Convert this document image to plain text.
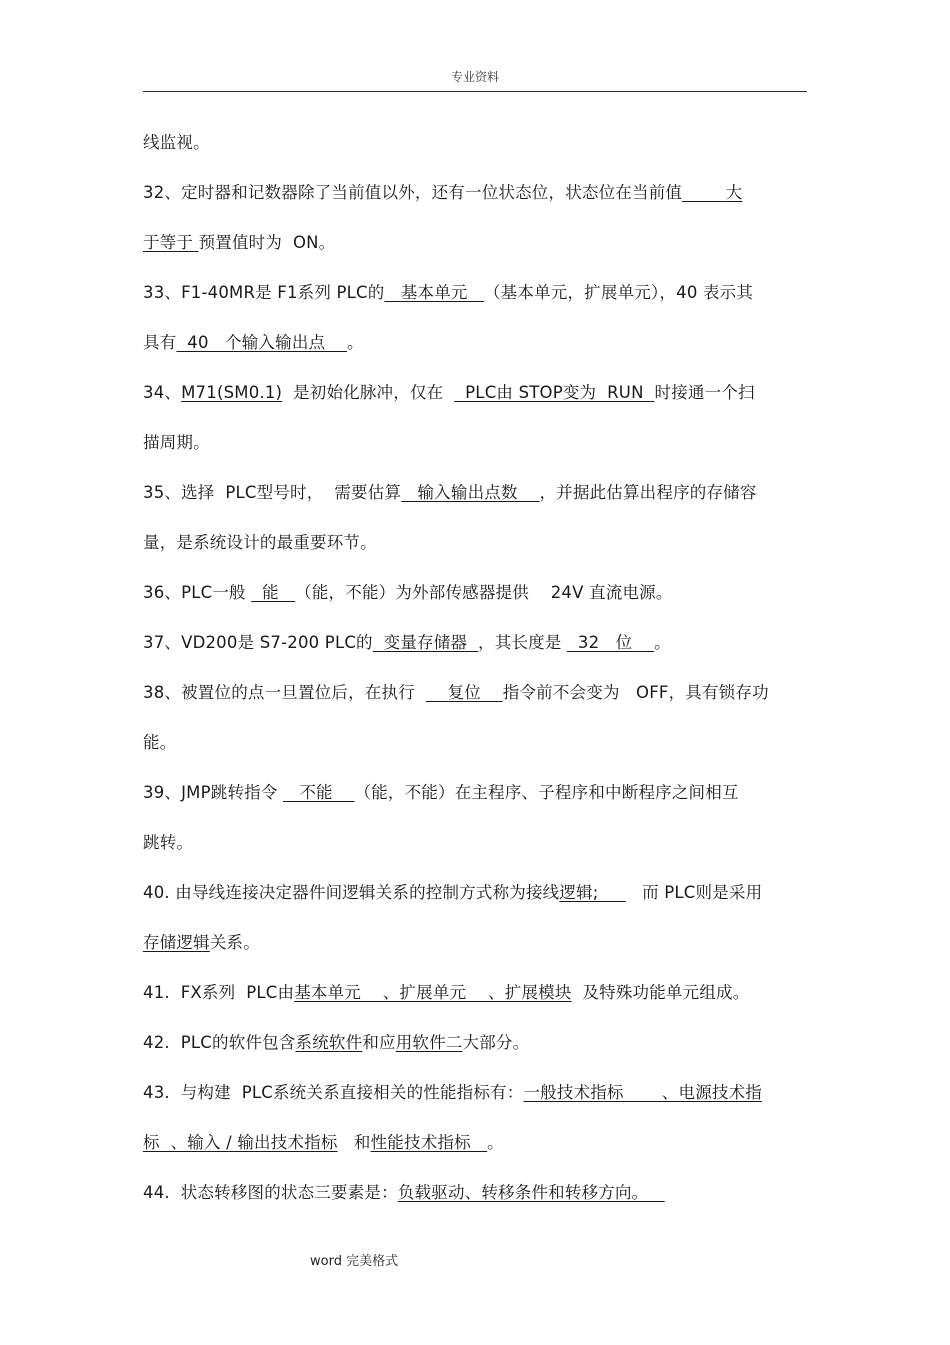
专业资料
线监视。
32、定时器和记数器除了当前值以外，还有一位状态位，状态位在当前值	大
于等于 预置值时为  ON。
33、F1-40MR是 F1系列 PLC的   基本单元   （基本单元，扩展单元），40 表示其
具有  40   个输入输出点    。
34、M71(SM0.1)  是初始化脉冲，仅在    PLC由 STOP变为  RUN  时接通一个扫
描周期。
35、选择  PLC型号时，  需要估算   输入输出点数    ，并据此估算出程序的存储容
量，是系统设计的最重要环节。
36、PLC一般   能   （能，不能）为外部传感器提供    24V 直流电源。
37、VD200是 S7-200 PLC的  变量存储器  ，其长度是   32   位    。
38、被置位的点一旦置位后，在执行      复位    指令前不会变为   OFF，具有锁存功
能。
39、JMP跳转指令    不能    （能，不能）在主程序、子程序和中断程序之间相互
跳转。
40. 由导线连接决定器件间逻辑关系的控制方式称为接线逻辑;        而 PLC则是采用
存储逻辑关系。
41.  FX系列  PLC由基本单元    、扩展单元    、扩展模块  及特殊功能单元组成。
42.  PLC的软件包含系统软件和应用软件二大部分。
43.  与构建  PLC系统关系直接相关的性能指标有：一般技术指标       、电源技术指
标  、输入 / 输出技术指标   和性能技术指标   。
44.  状态转移图的状态三要素是：负载驱动、转移条件和转移方向。
word 完美格式
